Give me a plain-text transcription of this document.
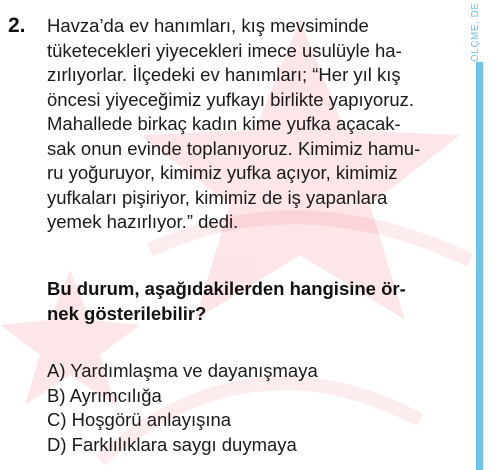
ÖLÇME, DE
2. Havza’da ev hanımları, kış mevsiminde
tüketecekleri yiyecekleri imece usulüyle ha-
zırlıyorlar. İlçedeki ev hanımları; “Her yıl kış
öncesi yiyeceğimiz yufkayı birlikte yapıyoruz.
Mahallede birkaç kadın kime yufka açacak-
sak onun evinde toplanıyoruz. Kimimiz hamu-
ru yoğuruyor, kimimiz yufka açıyor, kimimiz
yufkaları pişiriyor, kimimiz de iş yapanlara
yemek hazırlıyor.” dedi.
Bu durum, aşağıdakilerden hangisine ör-
nek gösterilebilir?
A) Yardımlaşma ve dayanışmaya
B) Ayrımcılığa
C) Hoşgörü anlayışına
D) Farklılıklara saygı duymaya
